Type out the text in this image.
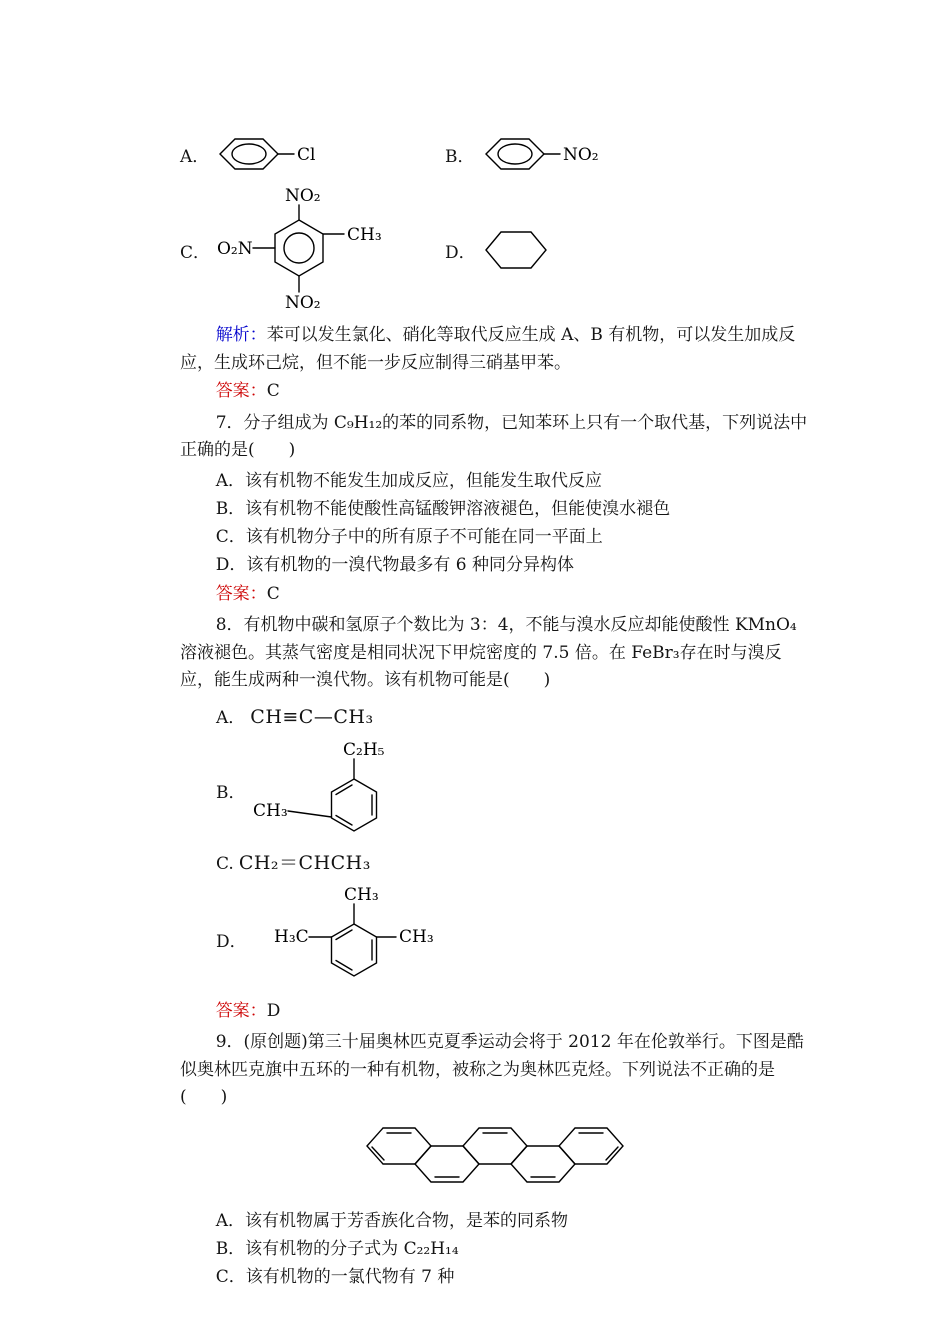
A．	Cl	B．	NO₂
C． O₂N
NO₂
CH₃
NO₂
D．

解析：苯可以发生氯化、硝化等取代反应生成 A、B 有机物，可以发生加成反应，生成环己烷，但不能一步反应制得三硝基甲苯。

答案：C

7．分子组成为 C₉H₁₂的苯的同系物，已知苯环上只有一个取代基，下列说法中正确的是(　　)

A．该有机物不能发生加成反应，但能发生取代反应
B．该有机物不能使酸性高锰酸钾溶液褪色，但能使溴水褪色
C．该有机物分子中的所有原子不可能在同一平面上
D．该有机物的一溴代物最多有 6 种同分异构体
答案：C

8．有机物中碳和氢原子个数比为 3：4，不能与溴水反应却能使酸性 KMnO₄溶液褪色。其蒸气密度是相同状况下甲烷密度的 7.5 倍。在 FeBr₃存在时与溴反应，能生成两种一溴代物。该有机物可能是(　　)

A． CH≡C—CH₃
B．
CH₃
C₂H₅
C. CH₂＝CHCH₃
D．
CH₃
H₃C	CH₃
答案：D

9．(原创题)第三十届奥林匹克夏季运动会将于 2012 年在伦敦举行。下图是酷似奥林匹克旗中五环的一种有机物，被称之为奥林匹克烃。下列说法不正确的是(　　)

A．该有机物属于芳香族化合物，是苯的同系物
B．该有机物的分子式为 C₂₂H₁₄
C．该有机物的一氯代物有 7 种
